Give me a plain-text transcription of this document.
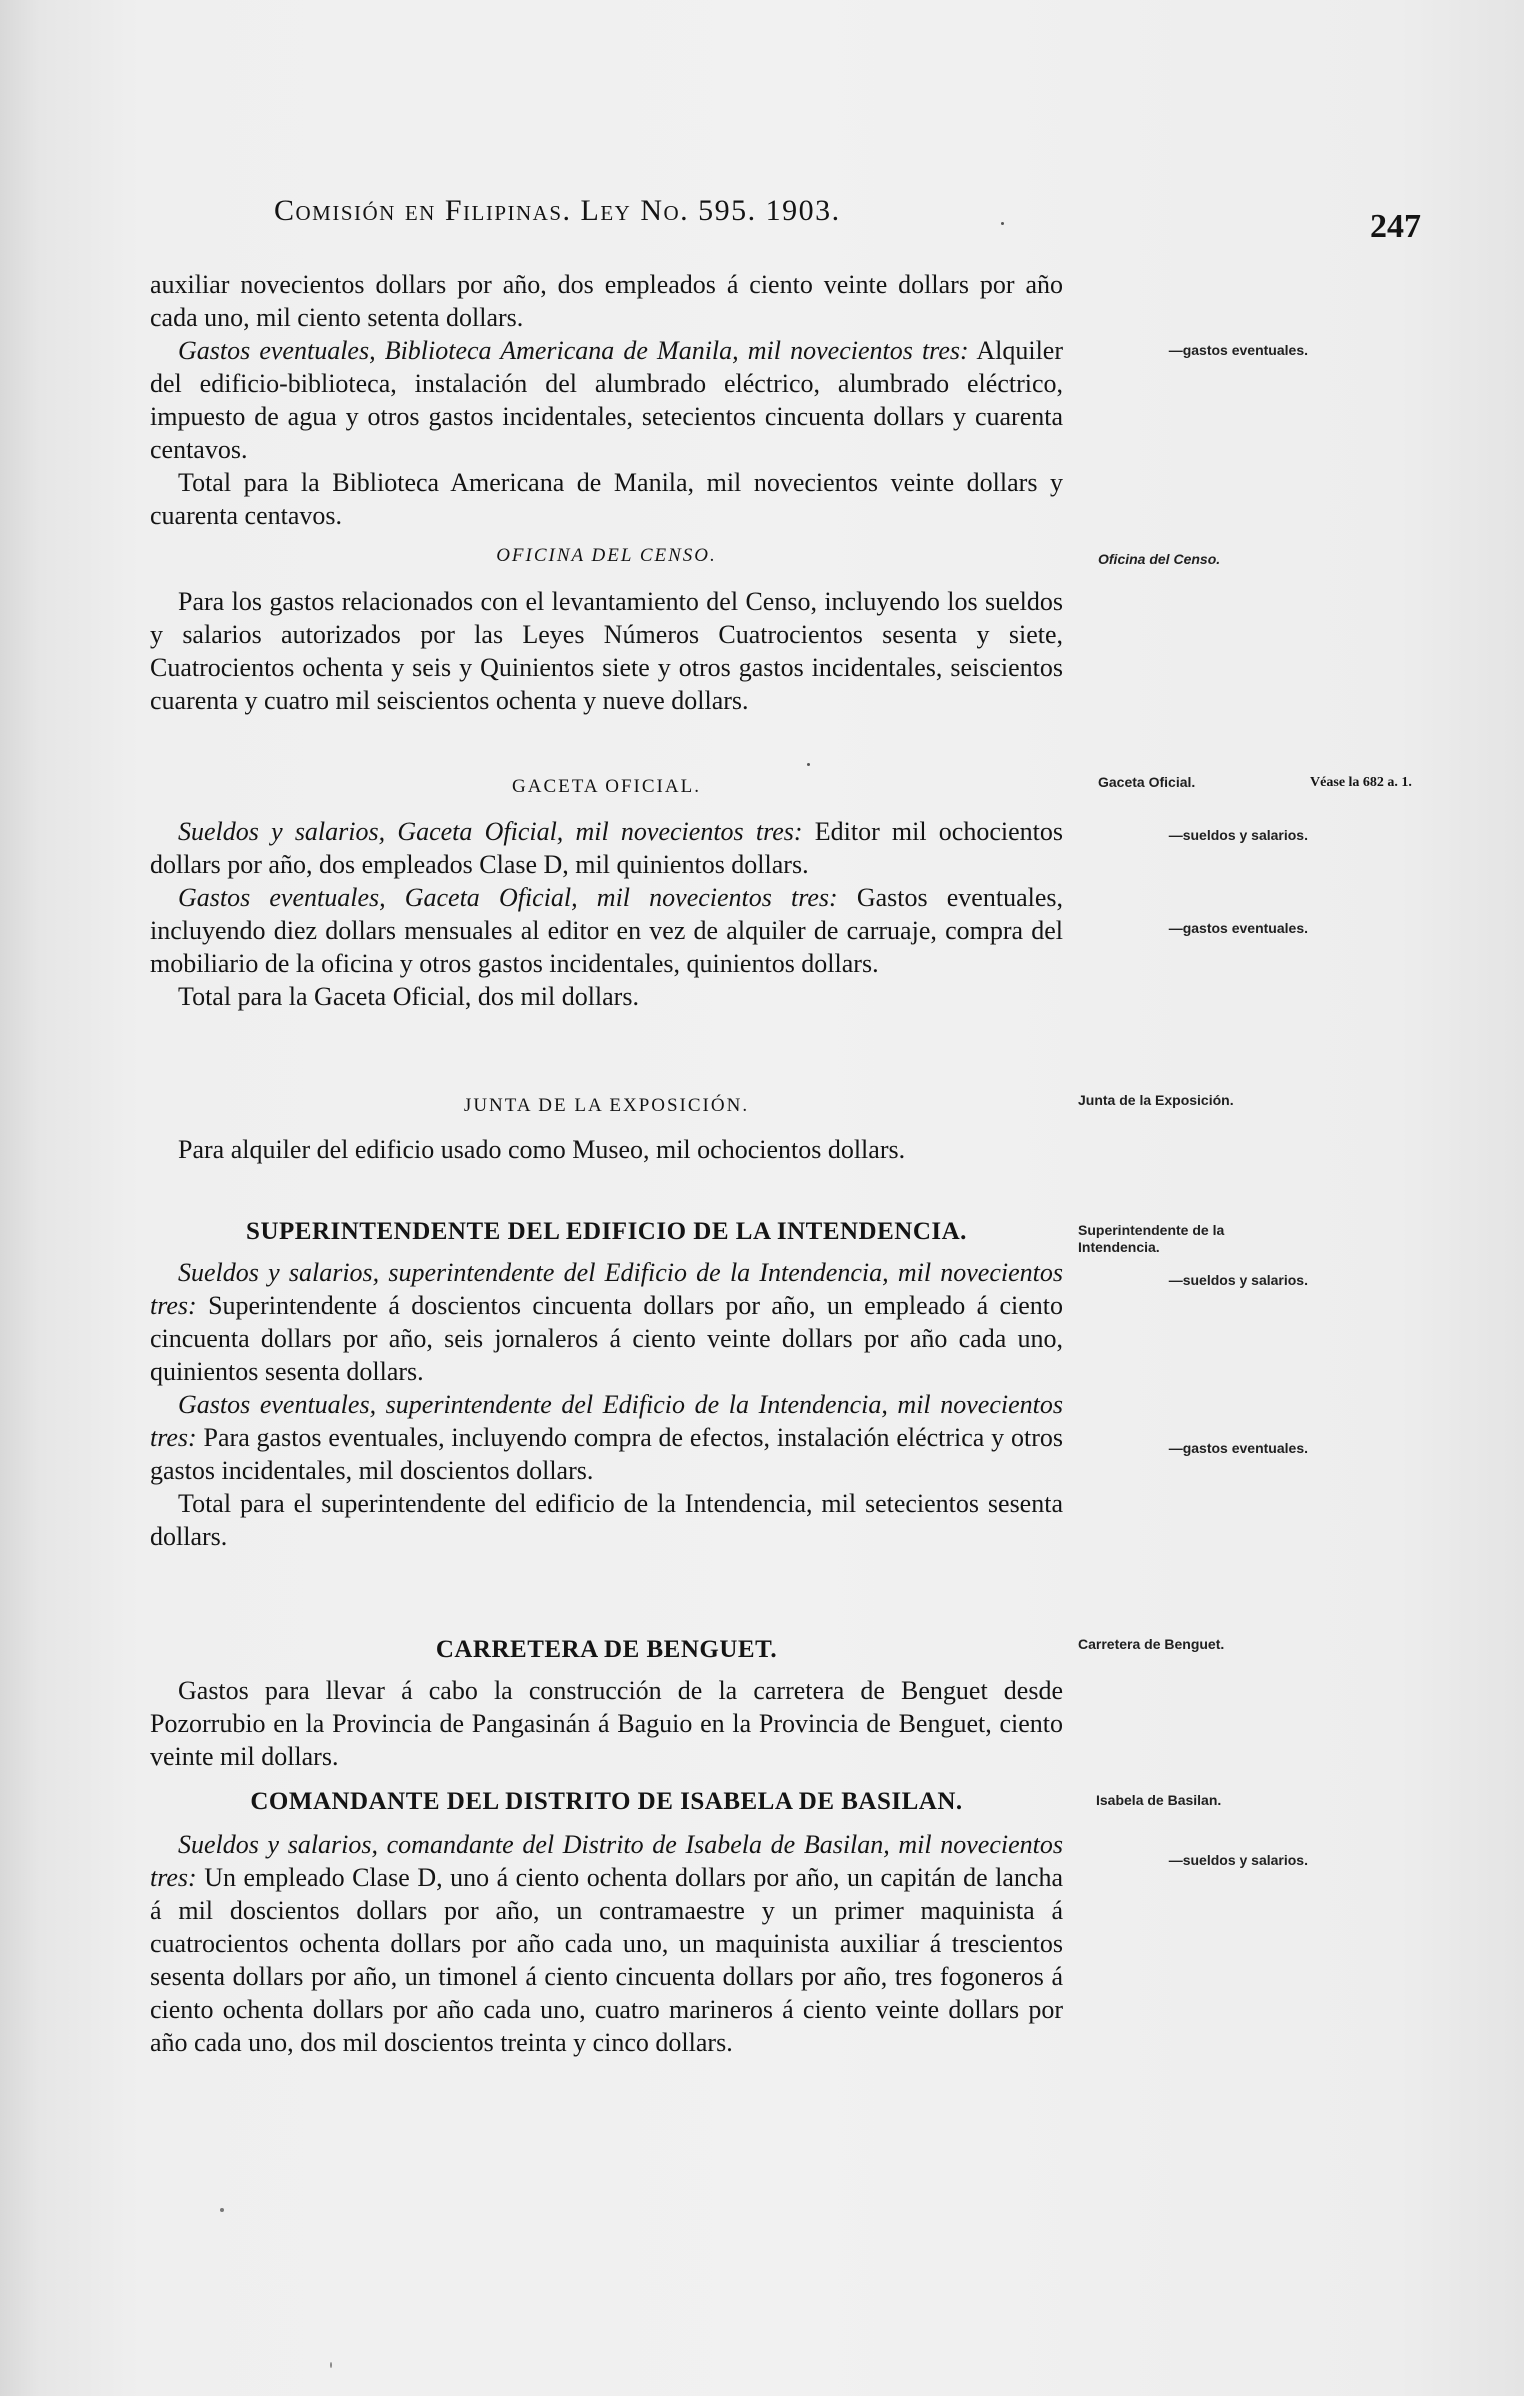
Comisión en Filipinas. Ley No. 595. 1903.	247

auxiliar novecientos dollars por año, dos empleados á ciento veinte dollars por año cada uno, mil ciento setenta dollars.

Gastos eventuales, Biblioteca Americana de Manila, mil novecientos tres: Alquiler del edificio-biblioteca, instalación del alumbrado eléctrico, alumbrado eléctrico, impuesto de agua y otros gastos incidentales, setecientos cincuenta dollars y cuarenta centavos.

Total para la Biblioteca Americana de Manila, mil novecientos veinte dollars y cuarenta centavos.

OFICINA DEL CENSO.

Para los gastos relacionados con el levantamiento del Censo, incluyendo los sueldos y salarios autorizados por las Leyes Números Cuatrocientos sesenta y siete, Cuatrocientos ochenta y seis y Quinientos siete y otros gastos incidentales, seiscientos cuarenta y cuatro mil seiscientos ochenta y nueve dollars.

GACETA OFICIAL.

Sueldos y salarios, Gaceta Oficial, mil novecientos tres: Editor mil ochocientos dollars por año, dos empleados Clase D, mil quinientos dollars.

Gastos eventuales, Gaceta Oficial, mil novecientos tres: Gastos eventuales, incluyendo diez dollars mensuales al editor en vez de alquiler de carruaje, compra del mobiliario de la oficina y otros gastos incidentales, quinientos dollars.

Total para la Gaceta Oficial, dos mil dollars.

JUNTA DE LA EXPOSICIÓN.

Para alquiler del edificio usado como Museo, mil ochocientos dollars.

SUPERINTENDENTE DEL EDIFICIO DE LA INTENDENCIA.

Sueldos y salarios, superintendente del Edificio de la Intendencia, mil novecientos tres: Superintendente á doscientos cincuenta dollars por año, un empleado á ciento cincuenta dollars por año, seis jornaleros á ciento veinte dollars por año cada uno, quinientos sesenta dollars.

Gastos eventuales, superintendente del Edificio de la Intendencia, mil novecientos tres: Para gastos eventuales, incluyendo compra de efectos, instalación eléctrica y otros gastos incidentales, mil doscientos dollars.

Total para el superintendente del edificio de la Intendencia, mil setecientos sesenta dollars.

CARRETERA DE BENGUET.

Gastos para llevar á cabo la construcción de la carretera de Benguet desde Pozorrubio en la Provincia de Pangasinán á Baguio en la Provincia de Benguet, ciento veinte mil dollars.

COMANDANTE DEL DISTRITO DE ISABELA DE BASILAN.

Sueldos y salarios, comandante del Distrito de Isabela de Basilan, mil novecientos tres: Un empleado Clase D, uno á ciento ochenta dollars por año, un capitán de lancha á mil doscientos dollars por año, un contramaestre y un primer maquinista á cuatrocientos ochenta dollars por año cada uno, un maquinista auxiliar á trescientos sesenta dollars por año, un timonel á ciento cincuenta dollars por año, tres fogoneros á ciento ochenta dollars por año cada uno, cuatro marineros á ciento veinte dollars por año cada uno, dos mil doscientos treinta y cinco dollars.

—gastos eventuales.
Oficina del Censo.
Gaceta Oficial.	Véase la 682 a. 1.
—sueldos y salarios.
—gastos eventuales.
Junta de la Exposición.
Superintendente de la Intendencia.
—sueldos y salarios.
—gastos eventuales.
Carretera de Benguet.
Isabela de Basilan.
—sueldos y salarios.
